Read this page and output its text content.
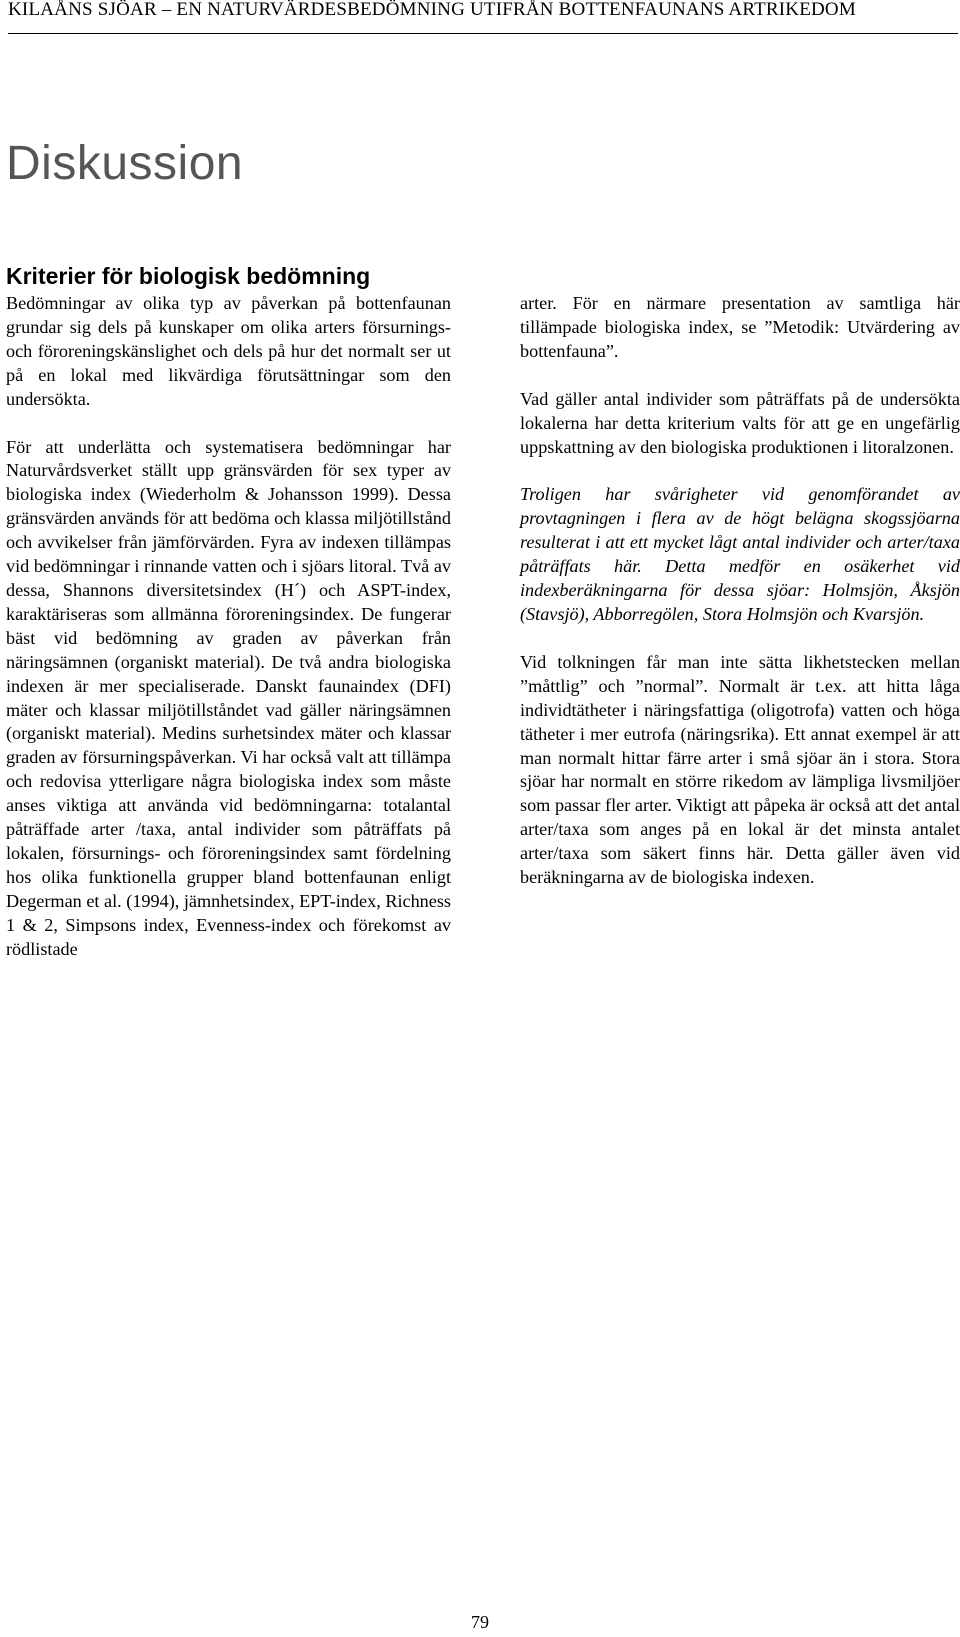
KILAÅNS SJÖAR – EN NATURVÄRDESBEDÖMNING UTIFRÅN BOTTENFAUNANS ARTRIKEDOM
Diskussion
Kriterier för biologisk bedömning

Bedömningar av olika typ av påverkan på bottenfaunan grundar sig dels på kunskaper om olika arters försurnings- och föroreningskänslighet och dels på hur det normalt ser ut på en lokal med likvärdiga förutsättningar som den undersökta.

För att underlätta och systematisera bedömningar har Naturvårdsverket ställt upp gränsvärden för sex typer av biologiska index (Wiederholm & Johansson 1999). Dessa gränsvärden används för att bedöma och klassa miljötillstånd och avvikelser från jämförvärden. Fyra av indexen tillämpas vid bedömningar i rinnande vatten och i sjöars litoral. Två av dessa, Shannons diversitetsindex (H´) och ASPT-index, karaktäriseras som allmänna föroreningsindex. De fungerar bäst vid bedömning av graden av påverkan från näringsämnen (organiskt material). De två andra biologiska indexen är mer specialiserade. Danskt faunaindex (DFI) mäter och klassar miljötillståndet vad gäller näringsämnen (organiskt material). Medins surhetsindex mäter och klassar graden av försurningspåverkan. Vi har också valt att tillämpa och redovisa ytterligare några biologiska index som måste anses viktiga att använda vid bedömningarna: totalantal påträffade arter /taxa, antal individer som påträffats på lokalen, försurnings- och föroreningsindex samt fördelning hos olika funktionella grupper bland bottenfaunan enligt Degerman et al. (1994), jämnhetsindex, EPT-index, Richness 1 & 2, Simpsons index, Evenness-index och förekomst av rödlistade

arter. För en närmare presentation av samtliga här tillämpade biologiska index, se ”Metodik: Utvärdering av bottenfauna”.

Vad gäller antal individer som påträffats på de undersökta lokalerna har detta kriterium valts för att ge en ungefärlig uppskattning av den biologiska produktionen i litoralzonen.

Troligen har svårigheter vid genomförandet av provtagningen i flera av de högt belägna skogssjöarna resulterat i att ett mycket lågt antal individer och arter/taxa påträffats här. Detta medför en osäkerhet vid indexberäkningarna för dessa sjöar: Holmsjön, Åksjön (Stavsjö), Abborregölen, Stora Holmsjön och Kvarsjön.

Vid tolkningen får man inte sätta likhetstecken mellan ”måttlig” och ”normal”. Normalt är t.ex. att hitta låga individtätheter i näringsfattiga (oligotrofa) vatten och höga tätheter i mer eutrofa (näringsrika). Ett annat exempel är att man normalt hittar färre arter i små sjöar än i stora. Stora sjöar har normalt en större rikedom av lämpliga livsmiljöer som passar fler arter. Viktigt att påpeka är också att det antal arter/taxa som anges på en lokal är det minsta antalet arter/taxa som säkert finns här. Detta gäller även vid beräkningarna av de biologiska indexen.

79
